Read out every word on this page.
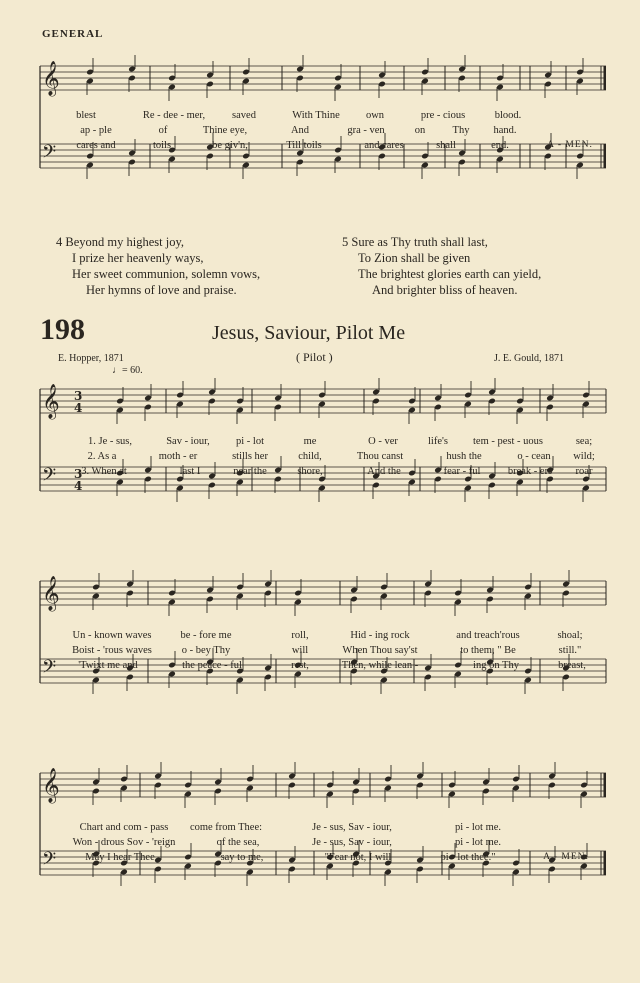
GENERAL
𝄞
𝄢
𝄞 3
4
𝄢 3
4
𝄞
𝄢
𝄞
𝄢
blest	Re - dee - mer,	saved	With Thine own	pre - cious	blood.
ap - ple	of	Thine eye,	And	gra - ven	on	Thy hand.
cares and	toils	be giv'n,	Till toils	and cares	shall	end.	A - MEN.
4 Beyond my highest joy,
I prize her heavenly ways,
Her sweet communion, solemn vows,
Her hymns of love and praise.
5 Sure as Thy truth shall last,
To Zion shall be given
The brightest glories earth can yield,
And brighter bliss of heaven.
198	Jesus, Saviour, Pilot Me
( Pilot )
E. Hopper, 1871	J. E. Gould, 1871
♩= 60.
1. Je - sus,	Sav - iour, pi - lot	me	O - ver	life's tem - pest - uous	sea;
2. As a	moth - er	stills her	child,	Thou canst	hush the	o - cean wild;
3. When at	last I	near the	shore,	And the	fear - ful	break - ers roar
Un - known waves	be - fore me	roll,	Hid - ing rock	and treach'rous	shoal;
Boist - 'rous waves	o - bey Thy	will	When Thou say'st	to them, " Be	still."
'Twixt me and	the peace - ful	rest,	Then, while lean -	ing on Thy	breast,
Chart and com - pass come from Thee:	Je - sus, Sav - iour,	pi - lot me.
Won - drous Sov - 'reign	of the sea,	Je - sus, Sav - iour,	pi - lot me.
May I hear Thee	say to me,	"Fear not, I will	pi - lot thee."	A - MEN.
